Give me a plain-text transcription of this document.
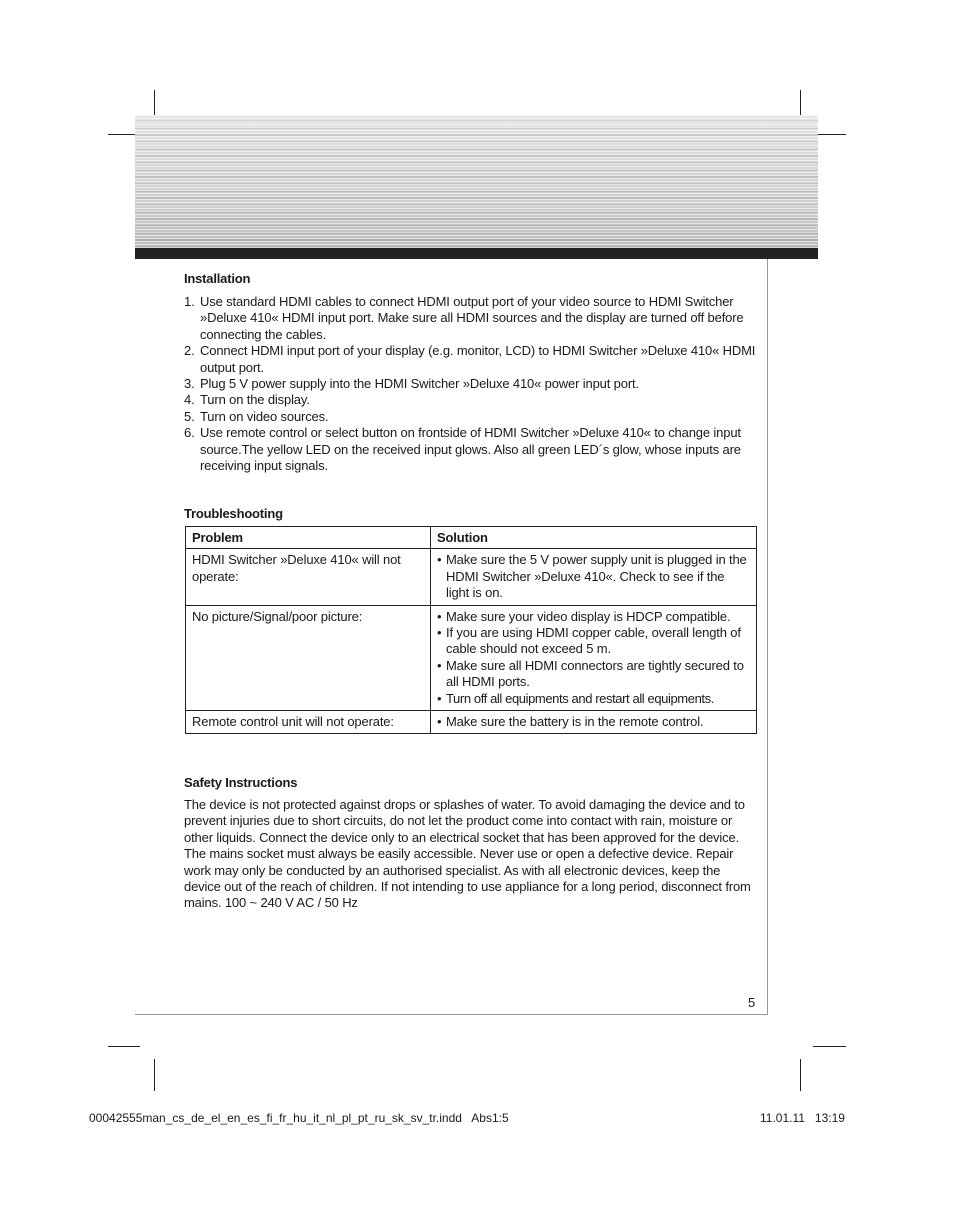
Installation
1. Use standard HDMI cables to connect HDMI output port of your video source to HDMI Switcher »Deluxe 410« HDMI input port. Make sure all HDMI sources and the display are turned off before connecting the cables.
2. Connect HDMI input port of your display (e.g. monitor, LCD) to HDMI Switcher »Deluxe 410« HDMI output port.
3. Plug 5 V power supply into the HDMI Switcher »Deluxe 410« power input port.
4. Turn on the display.
5. Turn on video sources.
6. Use remote control or select button on frontside of HDMI Switcher »Deluxe 410« to change input source.The yellow LED on the received input glows. Also all green LED´s glow, whose inputs are receiving input signals.
Troubleshooting
Problem	Solution
HDMI Switcher »Deluxe 410« will not operate:	• Make sure the 5 V power supply unit is plugged in the HDMI Switcher »Deluxe 410«. Check to see if the light is on.

No picture/Signal/poor picture:	• Make sure your video display is HDCP compatible.
• If you are using HDMI copper cable, overall length of cable should not exceed 5 m.
• Make sure all HDMI connectors are tightly secured to all HDMI ports.
• Turn off all equipments and restart all equipments.

Remote control unit will not operate:	• Make sure the battery is in the remote control.
Safety Instructions

The device is not protected against drops or splashes of water. To avoid damaging the device and to prevent injuries due to short circuits, do not let the product come into contact with rain, moisture or other liquids. Connect the device only to an electrical socket that has been approved for the device. The mains socket must always be easily accessible. Never use or open a defective device. Repair work may only be conducted by an authorised specialist. As with all electronic devices, keep the device out of the reach of children. If not intending to use appliance for a long period, disconnect from mains. 100 ~ 240 V AC / 50 Hz

5
00042555man_cs_de_el_en_es_fi_fr_hu_it_nl_pl_pt_ru_sk_sv_tr.indd   Abs1:5	11.01.11   13:19
